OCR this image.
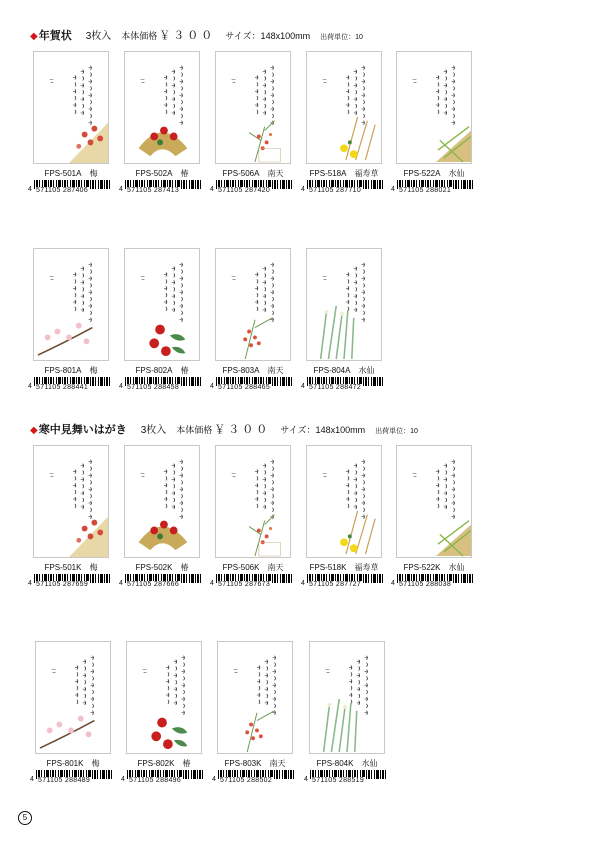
◆ 年賀状 3枚入 本体価格 ￥３００ サイズ：148x100mm 出荷単位：10
◆ 寒中見舞いはがき 3枚入 本体価格 ￥３００ サイズ：148x100mm 出荷単位：10
FPS-501A 梅
4 571105 287406
FPS-502A 椿
4 571105 287413
FPS-506A 南天
4 571105 287420
FPS-518A 福寿草
4 571105 287710
FPS-522A 水仙
4 571105 288021
FPS-801A 梅
4 571105 288441
FPS-802A 椿
4 571105 288458
FPS-803A 南天
4 571105 288465
FPS-804A 水仙
4 571105 288472
FPS-501K 梅
4 571105 287659
FPS-502K 椿
4 571105 287666
FPS-506K 南天
4 571105 287673
FPS-518K 福寿草
4 571105 287727
FPS-522K 水仙
4 571105 288038
FPS-801K 梅
4 571105 288489
FPS-802K 椿
4 571105 288496
FPS-803K 南天
4 571105 288502
FPS-804K 水仙
4 571105 288519
5
